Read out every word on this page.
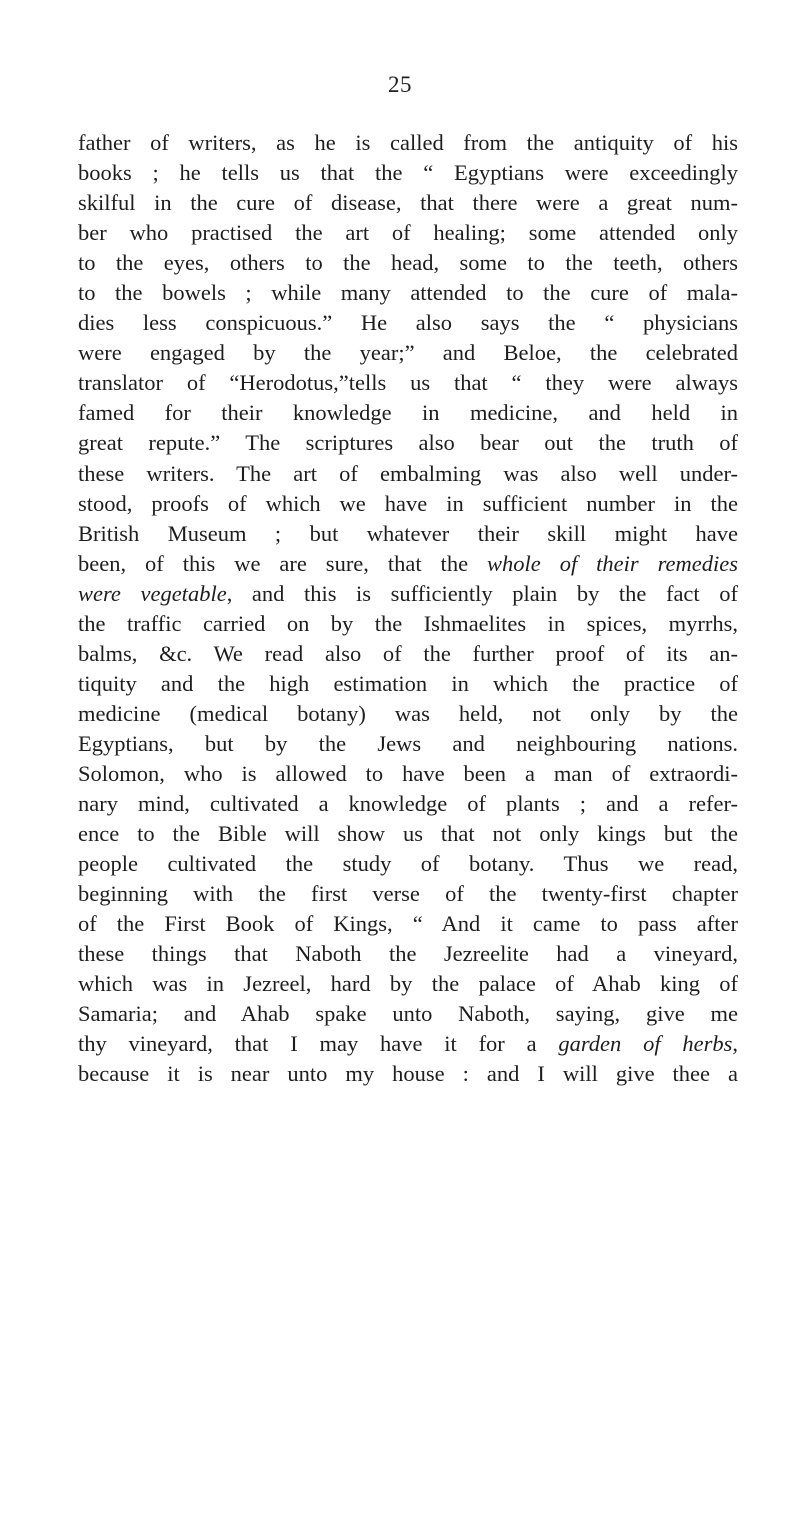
25
father of writers, as he is called from the antiquity of his
books ; he tells us that the “ Egyptians were exceedingly
skilful in the cure of disease, that there were a great num-
ber who practised the art of healing; some attended only
to the eyes, others to the head, some to the teeth, others
to the bowels ; while many attended to the cure of mala-
dies less conspicuous.” He also says the “ physicians
were engaged by the year;” and Beloe, the celebrated
translator of “Herodotus,”tells us that “ they were always
famed for their knowledge in medicine, and held in
great repute.” The scriptures also bear out the truth of
these writers. The art of embalming was also well under-
stood, proofs of which we have in sufficient number in the
British Museum ; but whatever their skill might have
been, of this we are sure, that the whole of their remedies
were vegetable, and this is sufficiently plain by the fact of
the traffic carried on by the Ishmaelites in spices, myrrhs,
balms, &c. We read also of the further proof of its an-
tiquity and the high estimation in which the practice of
medicine (medical botany) was held, not only by the
Egyptians, but by the Jews and neighbouring nations.
Solomon, who is allowed to have been a man of extraordi-
nary mind, cultivated a knowledge of plants ; and a refer-
ence to the Bible will show us that not only kings but the
people cultivated the study of botany. Thus we read,
beginning with the first verse of the twenty-first chapter
of the First Book of Kings, “ And it came to pass after
these things that Naboth the Jezreelite had a vineyard,
which was in Jezreel, hard by the palace of Ahab king of
Samaria; and Ahab spake unto Naboth, saying, give me
thy vineyard, that I may have it for a garden of herbs,
because it is near unto my house : and I will give thee a
